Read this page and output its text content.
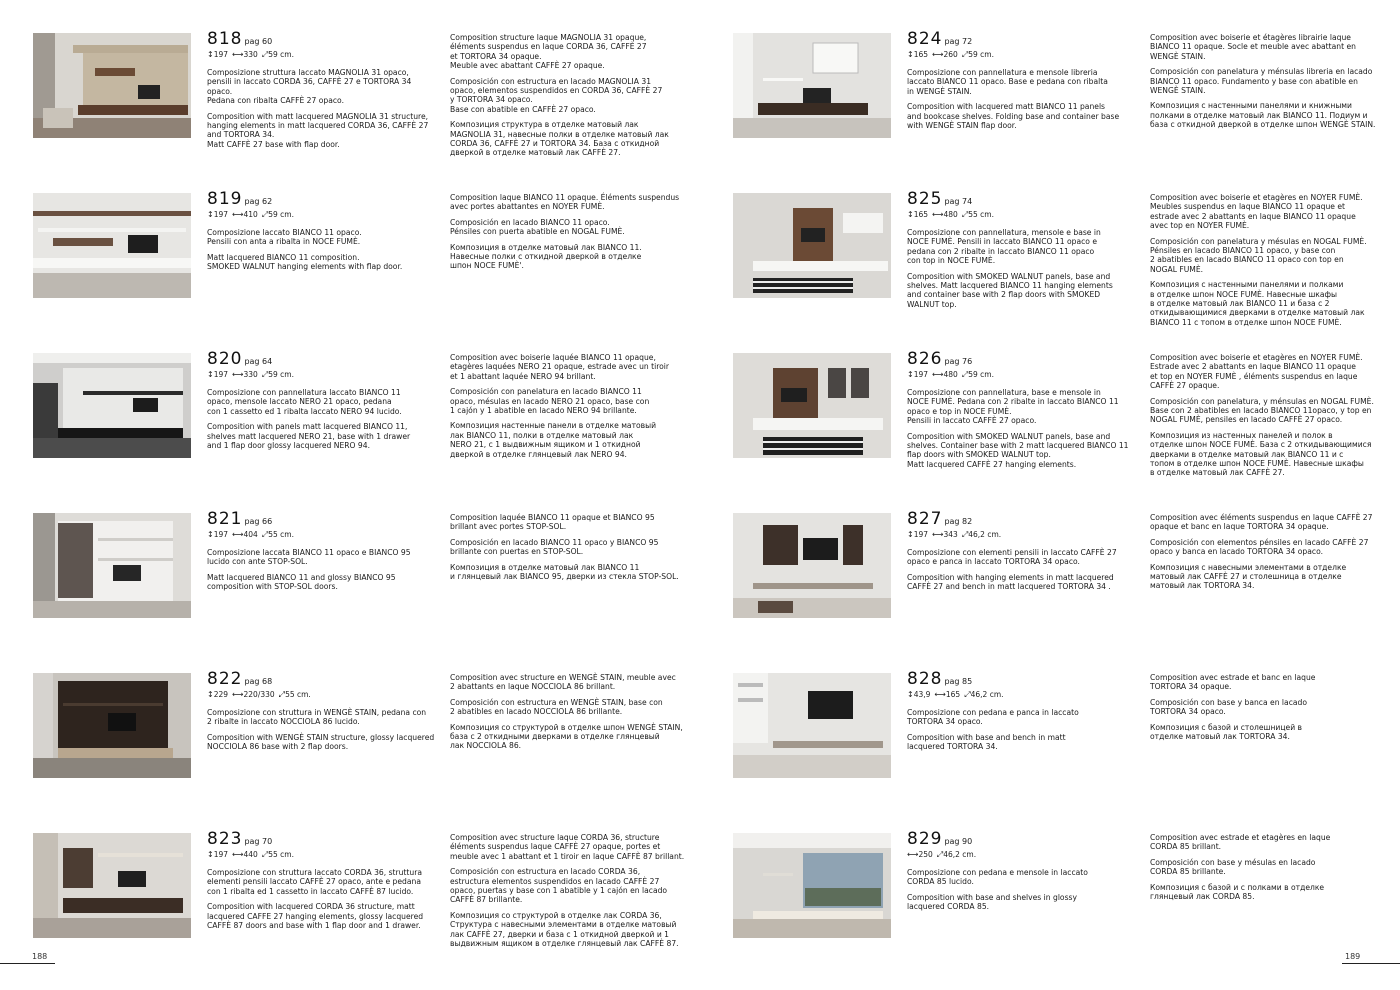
818 pag 60
↕197 ⟷330 ⤢59 cm.

Composizione struttura laccato MAGNOLIA 31 opaco,
pensili in laccato CORDA 36, CAFFÈ 27 e TORTORA 34 opaco.
Pedana con ribalta CAFFÈ 27 opaco.

Composition with matt lacquered MAGNOLIA 31 structure,
hanging elements in matt lacquered CORDA 36, CAFFÈ 27
and TORTORA 34.
Matt CAFFÈ 27 base with flap door.

Composition structure laque MAGNOLIA 31 opaque,
éléments suspendus en laque CORDA 36, CAFFÈ 27
et TORTORA 34 opaque.
Meuble avec abattant CAFFÈ 27 opaque.

Composición con estructura en lacado MAGNOLIA 31
opaco, elementos suspendidos en CORDA 36, CAFFÈ 27
y TORTORA 34 opaco.
Base con abatible en CAFFÈ 27 opaco.

Композиция структура в отделке матовый лак
MAGNOLIA 31, навесные полки в отделке матовый лак
CORDA 36, CAFFÈ 27 и TORTORA 34. База с откидной
дверкой в отделке матовый лак CAFFÈ 27.

819 pag 62
↕197 ⟷410 ⤢59 cm.

Composizione laccato BIANCO 11 opaco.
Pensili con anta a ribalta in NOCE FUMÈ.

Matt lacquered BIANCO 11 composition.
SMOKED WALNUT hanging elements with flap door.

Composition laque BIANCO 11 opaque. Éléments suspendus
avec portes abattantes en NOYER FUMÈ.

Composición en lacado BIANCO 11 opaco.
Pénsiles con puerta abatible en NOGAL FUMÈ.

Композиция в отделке матовый лак BIANCO 11.
Навесные полки с откидной дверкой в отделке
шпон NOCE FUMÈ'.

820 pag 64
↕197 ⟷330 ⤢59 cm.

Composizione con pannellatura laccato BIANCO 11
opaco, mensole laccato NERO 21 opaco, pedana
con 1 cassetto ed 1 ribalta laccato NERO 94 lucido.

Composition with panels matt lacquered BIANCO 11,
shelves matt lacquered NERO 21, base with 1 drawer
and 1 flap door glossy lacquered NERO 94.

Composition avec boiserie laquée BIANCO 11 opaque,
etagères laquées NERO 21 opaque, estrade avec un tiroir
et 1 abattant laquée NERO 94 brillant.

Composición con panelatura en lacado BIANCO 11
opaco, mésulas en lacado NERO 21 opaco, base con
1 cajón y 1 abatible en lacado NERO 94 brillante.

Композиция настенные панели в отделке матовый
лак BIANCO 11, полки в отделке матовый лак
NERO 21, с 1 выдвижным ящиком и 1 откидной
дверкой в отделке глянцевый лак NERO 94.

821 pag 66
↕197 ⟷404 ⤢55 cm.

Composizione laccata BIANCO 11 opaco e BIANCO 95
lucido con ante STOP-SOL.

Matt lacquered BIANCO 11 and glossy BIANCO 95
composition with STOP-SOL doors.

Composition laquée BIANCO 11 opaque et BIANCO 95
brillant avec portes STOP-SOL.

Composición en lacado BIANCO 11 opaco y BIANCO 95
brillante con puertas en STOP-SOL.

Композиция в отделке матовый лак BIANCO 11
и глянцевый лак BIANCO 95, дверки из стекла STOP-SOL.

822 pag 68
↕229 ⟷220/330 ⤢55 cm.

Composizione con struttura in WENGÈ STAIN, pedana con
2 ribalte in laccato NOCCIOLA 86 lucido.

Composition with WENGÈ STAIN structure, glossy lacquered
NOCCIOLA 86 base with 2 flap doors.

Composition avec structure en WENGÈ STAIN, meuble avec
2 abattants en laque NOCCIOLA 86 brillant.

Composición con estructura en WENGÈ STAIN, base con
2 abatibles en lacado NOCCIOLA 86 brillante.

Композиция со структурой в отделке шпон WENGÈ STAIN,
база с 2 откидными дверками в отделке глянцевый
лак NOCCIOLA 86.

823 pag 70
↕197 ⟷440 ⤢55 cm.

Composizione con struttura laccato CORDA 36, struttura
elementi pensili laccato CAFFÈ 27 opaco, ante e pedana
con 1 ribalta ed 1 cassetto in laccato CAFFÈ 87 lucido.

Composition with lacquered CORDA 36 structure, matt
lacquered CAFFE 27 hanging elements, glossy lacquered
CAFFÈ 87 doors and base with 1 flap door and 1 drawer.

Composition avec structure laque CORDA 36, structure
éléments suspendus laque CAFFÈ 27 opaque, portes et
meuble avec 1 abattant et 1 tiroir en laque CAFFÈ 87 brillant.

Composición con estructura en lacado CORDA 36,
estructura elementos suspendidos en lacado CAFFÈ 27
opaco, puertas y base con 1 abatible y 1 cajón en lacado
CAFFÈ 87 brillante.

Композиция со структурой в отделке лак CORDA 36,
Структура с навесными элементами в отделке матовый
лак CAFFÈ 27, дверки и база с 1 откидной дверкой и 1
выдвижным ящиком в отделке глянцевый лак CAFFÈ 87.

824 pag 72
↕165 ⟷260 ⤢59 cm.

Composizione con pannellatura e mensole libreria
laccato BIANCO 11 opaco. Base e pedana con ribalta
in WENGÈ STAIN.

Composition with lacquered matt BIANCO 11 panels
and bookcase shelves. Folding base and container base
with WENGÈ STAIN flap door.

Composition avec boiserie et étagères librairie laque
BIANCO 11 opaque. Socle et meuble avec abattant en
WENGÈ STAIN.

Composición con panelatura y ménsulas libreria en lacado
BIANCO 11 opaco. Fundamento y base con abatible en
WENGÈ STAIN.

Композиция с настенными панелями и книжными
полками в отделке матовый лак BIANCO 11. Подиум и
база с откидной дверкой в отделке шпон WENGÈ STAIN.

825 pag 74
↕165 ⟷480 ⤢55 cm.

Composizione con pannellatura, mensole e base in
NOCE FUMÈ. Pensili in laccato BIANCO 11 opaco e
pedana con 2 ribalte in laccato BIANCO 11 opaco
con top in NOCE FUMÈ.

Composition with SMOKED WALNUT panels, base and
shelves. Matt lacquered BIANCO 11 hanging elements
and container base with 2 flap doors with SMOKED
WALNUT top.

Composition avec boiserie et etagères en NOYER FUMÈ.
Meubles suspendus en laque BIANCO 11 opaque et
estrade avec 2 abattants en laque BIANCO 11 opaque
avec top en NOYER FUMÈ.

Composición con panelatura y mésulas en NOGAL FUMÈ.
Pénsiles en lacado BIANCO 11 opaco, y base con
2 abatibles en lacado BIANCO 11 opaco con top en
NOGAL FUMÈ.

Композиция с настенными панелями и полками
в отделке шпон NOCE FUMÈ. Навесные шкафы
в отделке матовый лак BIANCO 11 и база с 2
откидывающимися дверками в отделке матовый лак
BIANCO 11 с топом в отделке шпон NOCE FUMÈ.

826 pag 76
↕197 ⟷480 ⤢59 cm.

Composizione con pannellatura, base e mensole in
NOCE FUMÈ. Pedana con 2 ribalte in laccato BIANCO 11
opaco e top in NOCE FUMÈ.
Pensili in laccato CAFFÈ 27 opaco.

Composition with SMOKED WALNUT panels, base and
shelves. Container base with 2 matt lacquered BIANCO 11
flap doors with SMOKED WALNUT top.
Matt lacquered CAFFÈ 27 hanging elements.

Composition avec boiserie et etagères en NOYER FUMÈ.
Estrade avec 2 abattants en laque BIANCO 11 opaque
et top en NOYER FUMÈ , éléments suspendus en laque
CAFFÈ 27 opaque.

Composición con panelatura, y ménsulas en NOGAL FUMÈ.
Base con 2 abatibles en lacado BIANCO 11opaco, y top en
NOGAL FUMÈ, pensiles en lacado CAFFÈ 27 opaco.

Композиция из настенных панелей и полок в
отделке шпон NOCE FUMÈ. База с 2 откидывающимися
дверками в отделке матовый лак BIANCO 11 и с
топом в отделке шпон NOCE FUMÈ. Навесные шкафы
в отделке матовый лак CAFFÈ 27.

827 pag 82
↕197 ⟷343 ⤢46,2 cm.

Composizione con elementi pensili in laccato CAFFÈ 27
opaco e panca in laccato TORTORA 34 opaco.

Composition with hanging elements in matt lacquered
CAFFÈ 27 and bench in matt lacquered TORTORA 34 .

Composition avec éléments suspendus en laque CAFFÈ 27
opaque et banc en laque TORTORA 34 opaque.

Composición con elementos pénsiles en lacado CAFFÈ 27
opaco y banca en lacado TORTORA 34 opaco.

Композиция с навесными элементами в отделке
матовый лак CAFFÈ 27 и столешница в отделке
матовый лак TORTORA 34.

828 pag 85
↕43,9 ⟷165 ⤢46,2 cm.

Composizione con pedana e panca in laccato
TORTORA 34 opaco.

Composition with base and bench in matt
lacquered TORTORA 34.

Composition avec estrade et banc en laque
TORTORA 34 opaque.

Composición con base y banca en lacado
TORTORA 34 opaco.

Композиция с базой и столешницей в
отделке матовый лак TORTORA 34.

829 pag 90
⟷250 ⤢46,2 cm.

Composizione con pedana e mensole in laccato
CORDA 85 lucido.

Composition with base and shelves in glossy
lacquered CORDA 85.

Composition avec estrade et etagères en laque
CORDA 85 brillant.

Composición con base y mésulas en lacado
CORDA 85 brillante.

Композиция с базой и с полками в отделке
глянцевый лак CORDA 85.

188	189
